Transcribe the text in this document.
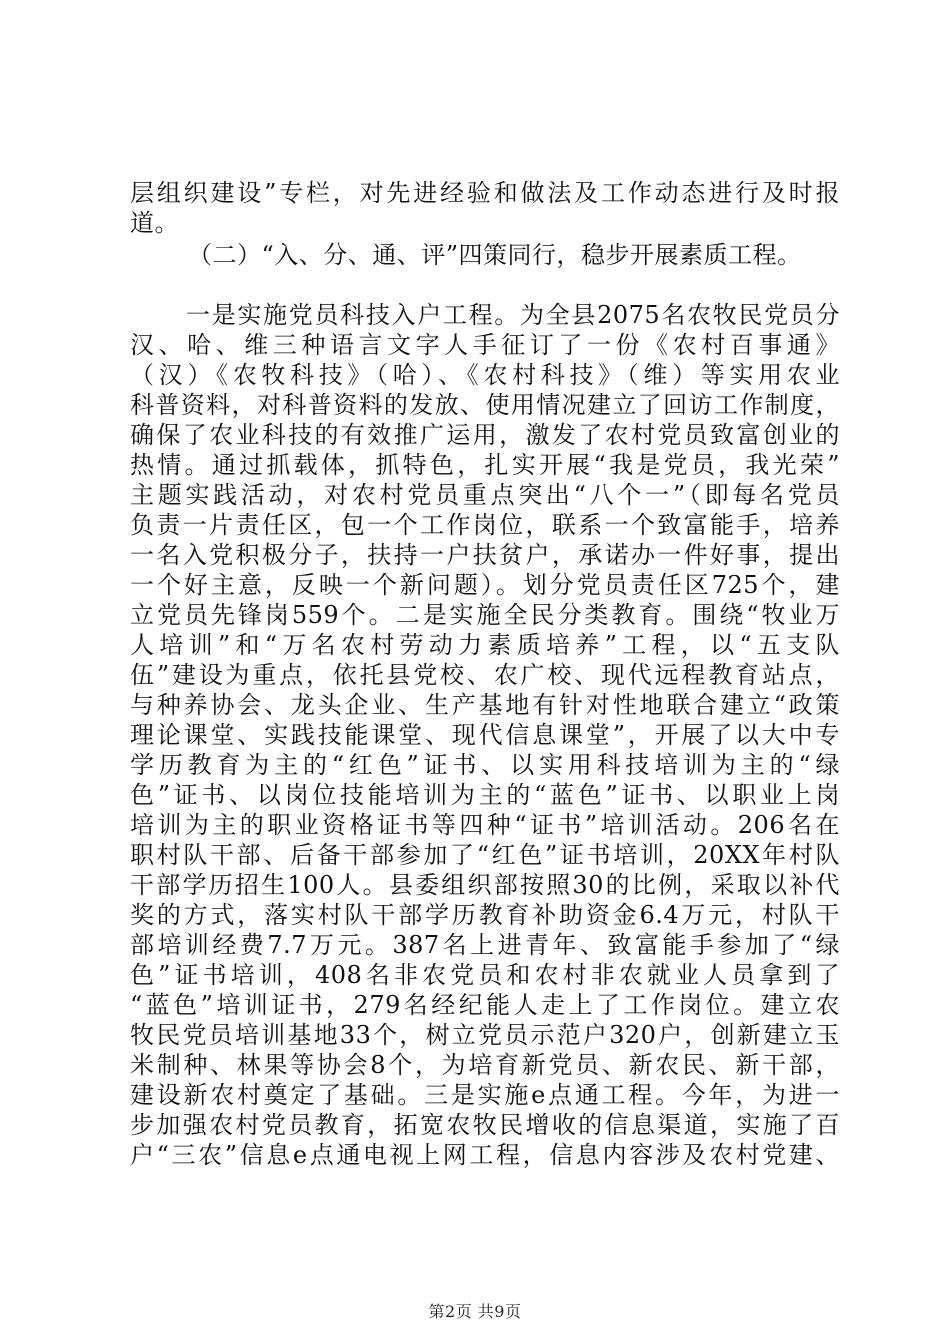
层组织建设”专栏，对先进经验和做法及工作动态进行及时报
道。
（二）“入、分、通、评”四策同行，稳步开展素质工程。
一是实施党员科技入户工程。为全县2075名农牧民党员分
汉、哈、维三种语言文字人手征订了一份《农村百事通》
（汉）《农牧科技》（哈）、《农村科技》（维）等实用农业
科普资料，对科普资料的发放、使用情况建立了回访工作制度，
确保了农业科技的有效推广运用，激发了农村党员致富创业的
热情。通过抓载体，抓特色，扎实开展“我是党员，我光荣”
主题实践活动，对农村党员重点突出“八个一”（即每名党员
负责一片责任区，包一个工作岗位，联系一个致富能手，培养
一名入党积极分子，扶持一户扶贫户，承诺办一件好事，提出
一个好主意，反映一个新问题）。划分党员责任区725个，建
立党员先锋岗559个。二是实施全民分类教育。围绕“牧业万
人培训”和“万名农村劳动力素质培养”工程，以“五支队
伍”建设为重点，依托县党校、农广校、现代远程教育站点，
与种养协会、龙头企业、生产基地有针对性地联合建立“政策
理论课堂、实践技能课堂、现代信息课堂”，开展了以大中专
学历教育为主的“红色”证书、以实用科技培训为主的“绿
色”证书、以岗位技能培训为主的“蓝色”证书、以职业上岗
培训为主的职业资格证书等四种“证书”培训活动。206名在
职村队干部、后备干部参加了“红色”证书培训，20XX年村队
干部学历招生100人。县委组织部按照30的比例，采取以补代
奖的方式，落实村队干部学历教育补助资金6.4万元，村队干
部培训经费7.7万元。387名上进青年、致富能手参加了“绿
色”证书培训，408名非农党员和农村非农就业人员拿到了
“蓝色”培训证书，279名经纪能人走上了工作岗位。建立农
牧民党员培训基地33个，树立党员示范户320户，创新建立玉
米制种、林果等协会8个，为培育新党员、新农民、新干部，
建设新农村奠定了基础。三是实施e点通工程。今年，为进一
步加强农村党员教育，拓宽农牧民增收的信息渠道，实施了百
户“三农”信息e点通电视上网工程，信息内容涉及农村党建、
第2页 共9页
